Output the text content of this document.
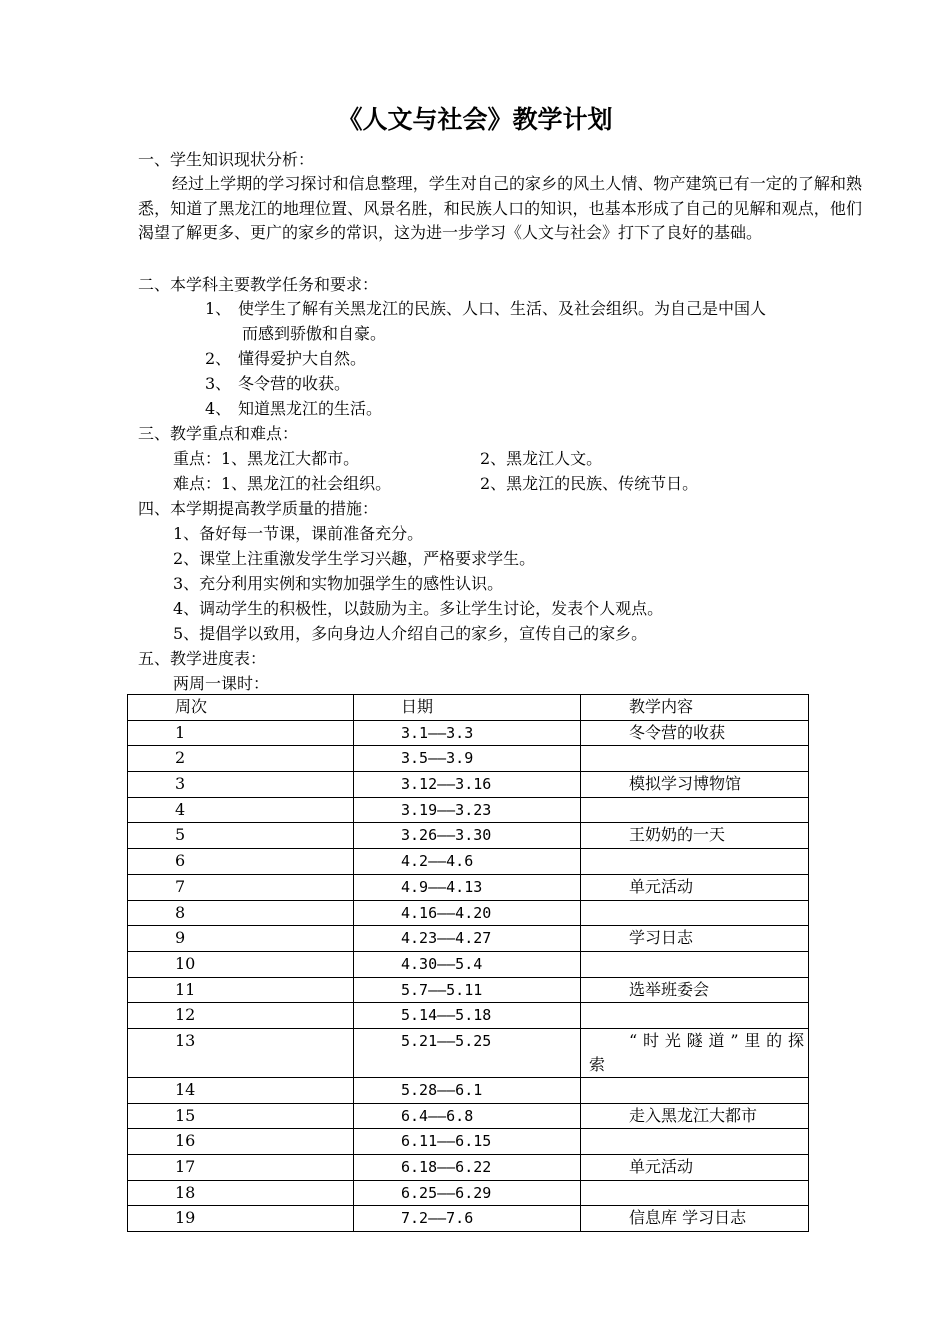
《人文与社会》教学计划
一、学生知识现状分析：
经过上学期的学习探讨和信息整理，学生对自己的家乡的风土人情、物产建筑已有一定的了解和熟悉，知道了黑龙江的地理位置、风景名胜，和民族人口的知识，也基本形成了自己的见解和观点，他们渴望了解更多、更广的家乡的常识，这为进一步学习《人文与社会》打下了良好的基础。
二、本学科主要教学任务和要求：
1、 使学生了解有关黑龙江的民族、人口、生活、及社会组织。为自己是中国人
而感到骄傲和自豪。
2、 懂得爱护大自然。
3、 冬令营的收获。
4、 知道黑龙江的生活。
三、教学重点和难点：
重点：1、黑龙江大都市。	2、黑龙江人文。
难点：1、黑龙江的社会组织。	2、黑龙江的民族、传统节日。
四、本学期提高教学质量的措施：
1、备好每一节课，课前准备充分。
2、课堂上注重激发学生学习兴趣，严格要求学生。
3、充分利用实例和实物加强学生的感性认识。
4、调动学生的积极性，以鼓励为主。多让学生讨论，发表个人观点。
5、提倡学以致用，多向身边人介绍自己的家乡，宣传自己的家乡。
五、教学进度表：
两周一课时：
周次	日期	教学内容
1	3.1——3.3	冬令营的收获
2	3.5——3.9	
3	3.12——3.16	模拟学习博物馆
4	3.19——3.23	
5	3.26——3.30	王奶奶的一天
6	4.2——4.6	
7	4.9——4.13	单元活动
8	4.16——4.20	
9	4.23——4.27	学习日志
10	4.30——5.4	
11	5.7——5.11	选举班委会
12	5.14——5.18	
13	5.21——5.25	“时光隧道”里的探索
14	5.28——6.1	
15	6.4——6.8	走入黑龙江大都市
16	6.11——6.15	
17	6.18——6.22	单元活动
18	6.25——6.29	
19	7.2——7.6	信息库 学习日志
